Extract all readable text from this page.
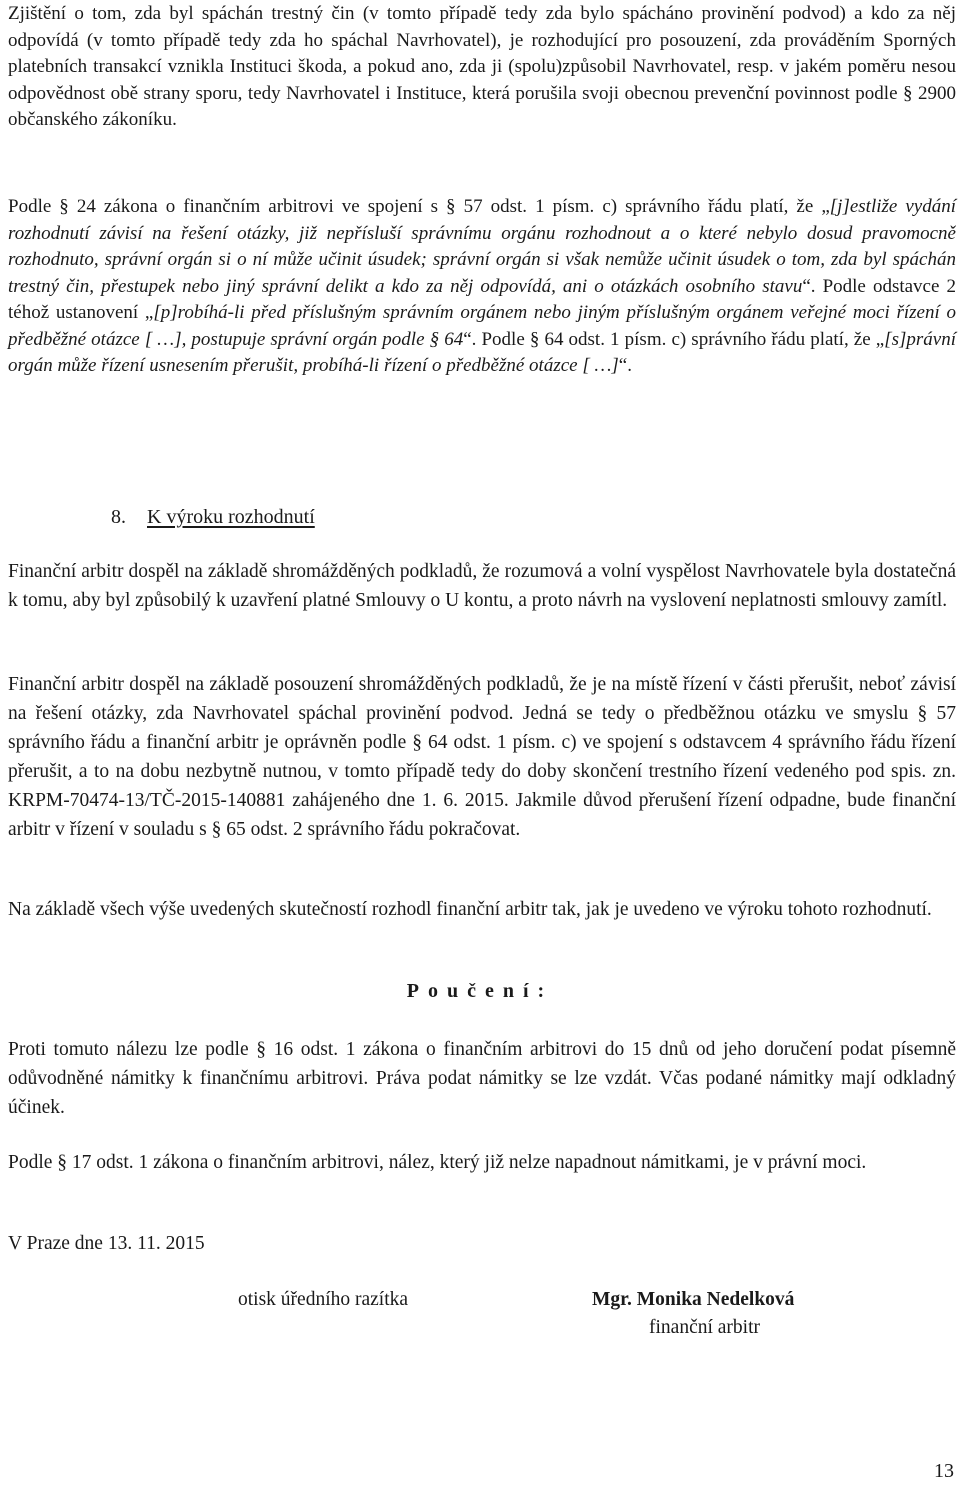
Zjištění o tom, zda byl spáchán trestný čin (v tomto případě tedy zda bylo spácháno provinění podvod) a kdo za něj odpovídá (v tomto případě tedy zda ho spáchal Navrhovatel), je rozhodující pro posouzení, zda prováděním Sporných platebních transakcí vznikla Instituci škoda, a pokud ano, zda ji (spolu)způsobil Navrhovatel, resp. v jakém poměru nesou odpovědnost obě strany sporu, tedy Navrhovatel i Instituce, která porušila svoji obecnou prevenční povinnost podle § 2900 občanského zákoníku.

Podle § 24 zákona o finančním arbitrovi ve spojení s § 57 odst. 1 písm. c) správního řádu platí, že „[j]estliže vydání rozhodnutí závisí na řešení otázky, již nepřísluší správnímu orgánu rozhodnout a o které nebylo dosud pravomocně rozhodnuto, správní orgán si o ní může učinit úsudek; správní orgán si však nemůže učinit úsudek o tom, zda byl spáchán trestný čin, přestupek nebo jiný správní delikt a kdo za něj odpovídá, ani o otázkách osobního stavu“. Podle odstavce 2 téhož ustanovení „[p]robíhá-li před příslušným správním orgánem nebo jiným příslušným orgánem veřejné moci řízení o předběžné otázce [ …], postupuje správní orgán podle § 64“. Podle § 64 odst. 1 písm. c) správního řádu platí, že „[s]právní orgán může řízení usnesením přerušit, probíhá-li řízení o předběžné otázce [ …]“.

8. K výroku rozhodnutí

Finanční arbitr dospěl na základě shromážděných podkladů, že rozumová a volní vyspělost Navrhovatele byla dostatečná k tomu, aby byl způsobilý k uzavření platné Smlouvy o U kontu, a proto návrh na vyslovení neplatnosti smlouvy zamítl.

Finanční arbitr dospěl na základě posouzení shromážděných podkladů, že je na místě řízení v části přerušit, neboť závisí na řešení otázky, zda Navrhovatel spáchal provinění podvod. Jedná se tedy o předběžnou otázku ve smyslu § 57 správního řádu a finanční arbitr je oprávněn podle § 64 odst. 1 písm. c) ve spojení s odstavcem 4 správního řádu řízení přerušit, a to na dobu nezbytně nutnou, v tomto případě tedy do doby skončení trestního řízení vedeného pod spis. zn. KRPM-70474-13/TČ-2015-140881 zahájeného dne 1. 6. 2015. Jakmile důvod přerušení řízení odpadne, bude finanční arbitr v řízení v souladu s § 65 odst. 2 správního řádu pokračovat.

Na základě všech výše uvedených skutečností rozhodl finanční arbitr tak, jak je uvedeno ve výroku tohoto rozhodnutí.

Poučení:

Proti tomuto nálezu lze podle § 16 odst. 1 zákona o finančním arbitrovi do 15 dnů od jeho doručení podat písemně odůvodněné námitky k finančnímu arbitrovi. Práva podat námitky se lze vzdát. Včas podané námitky mají odkladný účinek.

Podle § 17 odst. 1 zákona o finančním arbitrovi, nález, který již nelze napadnout námitkami, je v právní moci.

V Praze dne 13. 11. 2015

otisk úředního razítka	Mgr. Monika Nedelková

finanční arbitr

13
